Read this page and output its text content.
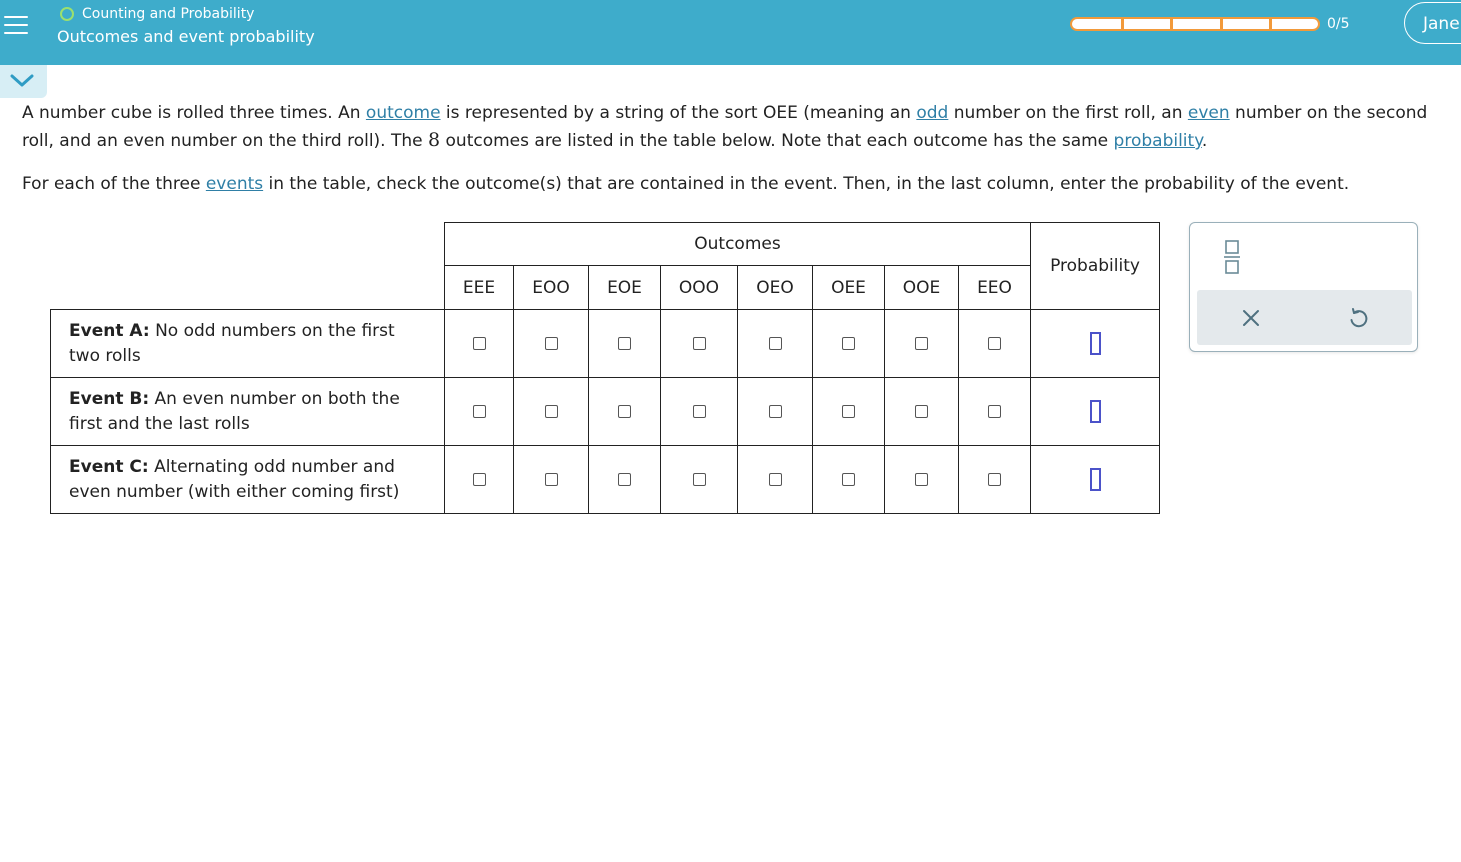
Counting and Probability
Outcomes and event probability
0/5	Jane

A number cube is rolled three times. An outcome is represented by a string of the sort OEE (meaning an odd number on the first roll, an even number on the second roll, and an even number on the third roll). The 8 outcomes are listed in the table below. Note that each outcome has the same probability.

For each of the three events in the table, check the outcome(s) that are contained in the event. Then, in the last column, enter the probability of the event.

	Outcomes								Probability
	EEE	EOO	EOE	OOO	OEO	OEE	OOE	EEO	
Event A: No odd numbers on the first two rolls									
Event B: An even number on both the first and the last rolls									
Event C: Alternating odd number and even number (with either coming first)									
